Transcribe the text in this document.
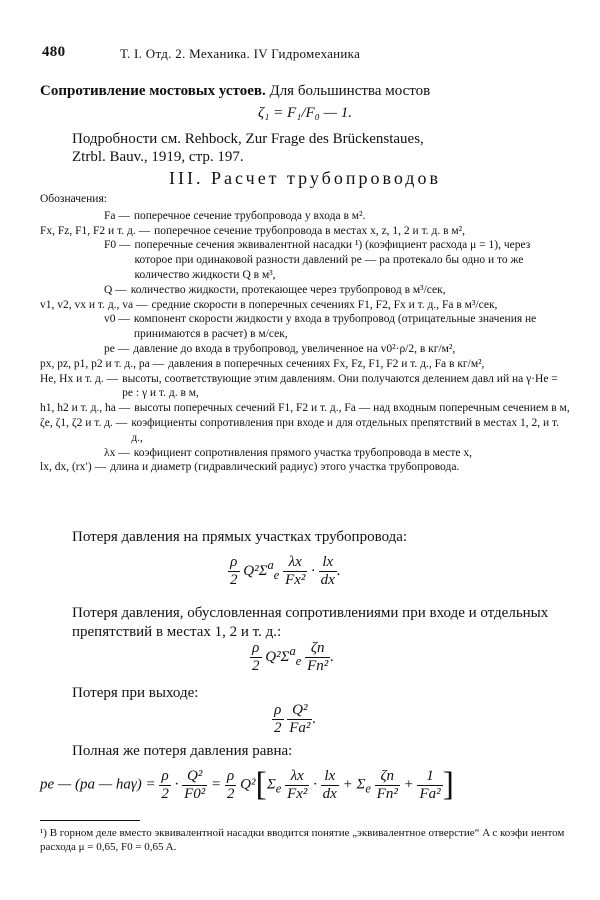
480	Т. I. Отд. 2. Механика. IV Гидромеханика
Сопротивление мостовых устоев. Для большинства мостов
ζ₁ = F₁/F₀ — 1.
Подробности см. Rehbock, Zur Frage des Brückenstaues,
Ztrbl. Bauv., 1919, стр. 197.
III. Расчет трубопроводов
Обозначения:
Fa — поперечное сечение трубопровода у входа в м².
Fx, Fz, F1, F2 и т. д. — поперечное сечение трубопровода в местах x, z, 1, 2 и т. д. в м²,
F0 — поперечные сечения эквивалентной насадки ¹) (коэфициент расхода μ = 1), через которое при одинаковой разности давлений pe — pa протекало бы одно и то же количество жидкости Q в м³,
Q — количество жидкости, протекающее через трубопровод в м³/сек,
v1, v2, vx и т. д., va — средние скорости в поперечных сечениях F1, F2, Fx и т. д., Fa в м³/сек,
v0 — компонент скорости жидкости у входа в трубопровод (отрицательные значения не принимаются в расчет) в м/сек,
pe — давление до входа в трубопровод, увеличенное на v0²·ρ/2, в кг/м²,
px, pz, p1, p2 и т. д., pa — давления в поперечных сечениях Fx, Fz, F1, F2 и т. д., Fa в кг/м²,
He, Hx и т. д. — высоты, соответствующие этим давлениям. Они получаются делением давл ий на γ·He = pe : γ и т. д. в м,
h1, h2 и т. д., ha — высоты поперечных сечений F1, F2 и т. д., Fa — над входным поперечным сечением в м,
ζe, ζ1, ζ2 и т. д. — коэфициенты сопротивления при входе и для отдельных препятствий в местах 1, 2, и т. д.,
λx — коэфициент сопротивления прямого участка трубопровода в месте x,
lx, dx, (rx′) — длина и диаметр (гидравлический радиус) этого участка трубопровода.
Потеря давления на прямых участках трубопровода:
$\frac{\rho}{2} Q^2\Sigma^a_e \frac{\lambda x}{\text{Fx²}} \cdot \frac{lx}{dx}$ .
Потеря давления, обусловленная сопротивлениями при входе и отдельных препятствий в местах 1, 2 и т. д.:
$\frac{\rho}{2} Q^2\Sigma^a_e \frac{\zeta n}{\text{Fn²}}$ .
Потеря при выходе:
$\frac{\rho}{2}$
$\frac{\text{Q²}}{\text{Fa²}}$ .
Полная же потеря давления равна:
pe — (pa — $ha\gamma) = \frac{\rho}{2} \cdot \frac{\text{Q²}}{\text{F0²}} = \frac{\rho}{2} Q^2[\Sigma_e \frac{\lambda x}{\text{Fx²}} \cdot \frac{lx}{dx} + \Sigma_e \frac{\zeta n}{\text{Fn²}} + \frac{1}{\text{Fa²}}$ ]
¹) В горном деле вместо эквивалентной насадки вводится понятие „эквивалентное отверстие“ A с коэфи иентом расхода μ = 0,65, F0 = 0,65 A.
